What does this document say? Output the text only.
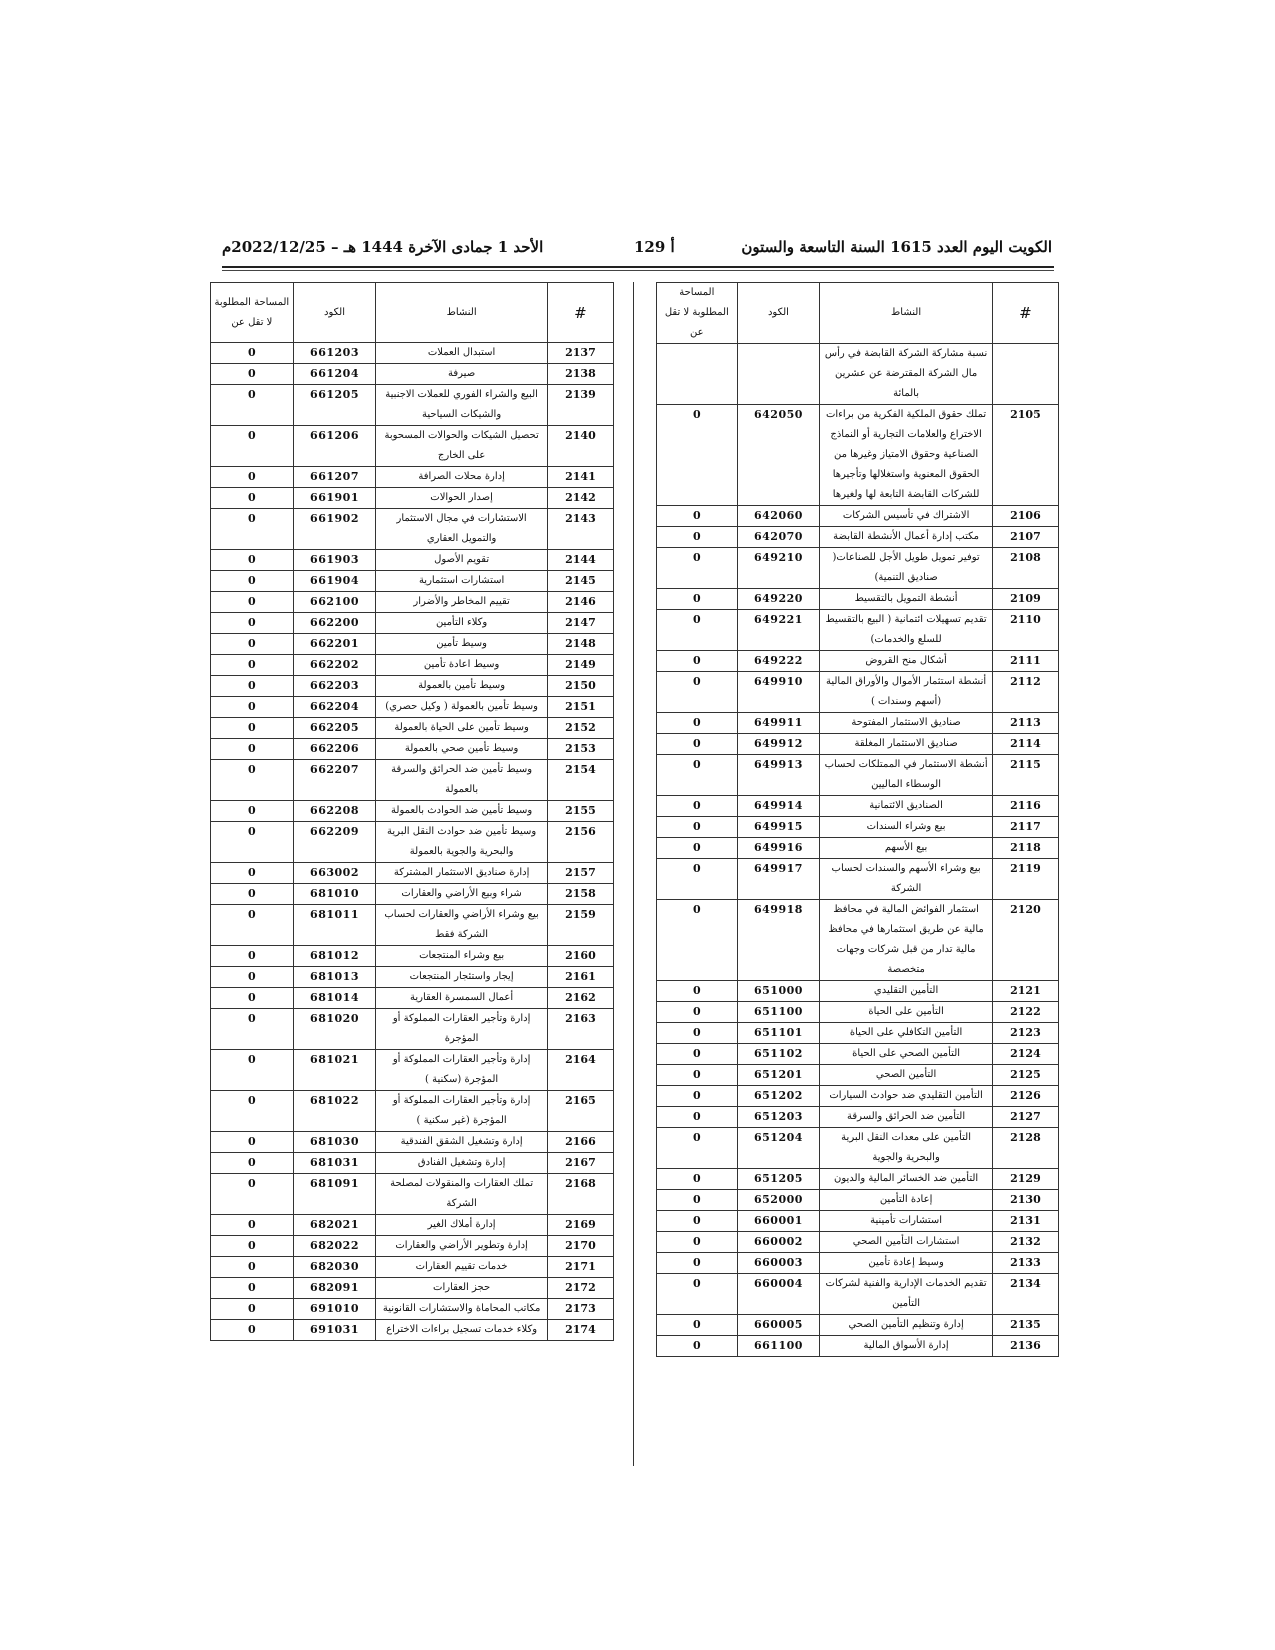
الكويت اليوم العدد 1615 السنة التاسعة والستون
أ 129
الأحد 1 جمادى الآخرة 1444 هـ – 2022/12/25م
#	النشاط	الكود	المساحة المطلوبة لا تقل عن
	نسبة مشاركة الشركة القابضة في رأس مال الشركة المقترضة عن عشرين بالمائة		
2105	تملك حقوق الملكية الفكرية من براءات الاختراع والعلامات التجارية أو النماذج الصناعية وحقوق الامتياز وغيرها من الحقوق المعنوية واستغلالها وتأجيرها للشركات القابضة التابعة لها ولغيرها	642050	0
2106	الاشتراك في تأسيس الشركات	642060	0
2107	مكتب إدارة أعمال الأنشطة القابضة	642070	0
2108	توفير تمويل طويل الأجل للصناعات( صناديق التنمية)	649210	0
2109	أنشطة التمويل بالتقسيط	649220	0
2110	تقديم تسهيلات ائتمانية ( البيع بالتقسيط للسلع والخدمات)	649221	0
2111	أشكال منح القروض	649222	0
2112	أنشطة استثمار الأموال والأوراق المالية (أسهم وسندات )	649910	0
2113	صناديق الاستثمار المفتوحة	649911	0
2114	صناديق الاستثمار المغلقة	649912	0
2115	أنشطة الاستثمار في الممتلكات لحساب الوسطاء الماليين	649913	0
2116	الصناديق الائتمانية	649914	0
2117	بيع وشراء السندات	649915	0
2118	بيع الأسهم	649916	0
2119	بيع وشراء الأسهم والسندات لحساب الشركة	649917	0
2120	استثمار الفوائض المالية في محافظ مالية عن طريق استثمارها في محافظ مالية تدار من قبل شركات وجهات متخصصة	649918	0
2121	التأمين التقليدي	651000	0
2122	التأمين على الحياة	651100	0
2123	التأمين التكافلي على الحياة	651101	0
2124	التأمين الصحي على الحياة	651102	0
2125	التأمين الصحي	651201	0
2126	التأمين التقليدي ضد حوادث السيارات	651202	0
2127	التأمين ضد الحرائق والسرقة	651203	0
2128	التأمين على معدات النقل البرية والبحرية والجوية	651204	0
2129	التأمين ضد الخسائر المالية والديون	651205	0
2130	إعادة التأمين	652000	0
2131	استشارات تأمينية	660001	0
2132	استشارات التأمين الصحي	660002	0
2133	وسيط إعادة تأمين	660003	0
2134	تقديم الخدمات الإدارية والفنية لشركات التأمين	660004	0
2135	إدارة وتنظيم التأمين الصحي	660005	0
2136	إدارة الأسواق المالية	661100	0
#	النشاط	الكود	المساحة المطلوبة لا تقل عن
2137	استبدال العملات	661203	0
2138	صيرفة	661204	0
2139	البيع والشراء الفوري للعملات الاجنبية والشيكات السياحية	661205	0
2140	تحصيل الشيكات والحوالات المسحوبة على الخارج	661206	0
2141	إدارة محلات الصرافة	661207	0
2142	إصدار الحوالات	661901	0
2143	الاستشارات في مجال الاستثمار والتمويل العقاري	661902	0
2144	تقويم الأصول	661903	0
2145	استشارات استثمارية	661904	0
2146	تقييم المخاطر والأضرار	662100	0
2147	وكلاء التأمين	662200	0
2148	وسيط تأمين	662201	0
2149	وسيط اعادة تأمين	662202	0
2150	وسيط تأمين بالعمولة	662203	0
2151	وسيط تأمين بالعمولة ( وكيل حصري)	662204	0
2152	وسيط تأمين على الحياة بالعمولة	662205	0
2153	وسيط تأمين صحي بالعمولة	662206	0
2154	وسيط تأمين ضد الحرائق والسرقة بالعمولة	662207	0
2155	وسيط تأمين ضد الحوادث بالعمولة	662208	0
2156	وسيط تأمين ضد حوادث النقل البرية والبحرية والجوية بالعمولة	662209	0
2157	إدارة صناديق الاستثمار المشتركة	663002	0
2158	شراء وبيع الأراضي والعقارات	681010	0
2159	بيع وشراء الأراضي والعقارات لحساب الشركة فقط	681011	0
2160	بيع وشراء المنتجعات	681012	0
2161	إيجار واستئجار المنتجعات	681013	0
2162	أعمال السمسرة العقارية	681014	0
2163	إدارة وتأجير العقارات المملوكة أو المؤجرة	681020	0
2164	إدارة وتأجير العقارات المملوكة أو المؤجرة (سكنية )	681021	0
2165	إدارة وتأجير العقارات المملوكة أو المؤجرة (غير سكنية )	681022	0
2166	إدارة وتشغيل الشقق الفندقية	681030	0
2167	إدارة وتشغيل الفنادق	681031	0
2168	تملك العقارات والمنقولات لمصلحة الشركة	681091	0
2169	إدارة أملاك الغير	682021	0
2170	إدارة وتطوير الأراضي والعقارات	682022	0
2171	خدمات تقييم العقارات	682030	0
2172	حجز العقارات	682091	0
2173	مكاتب المحاماة والاستشارات القانونية	691010	0
2174	وكلاء خدمات تسجيل براءات الاختراع	691031	0
